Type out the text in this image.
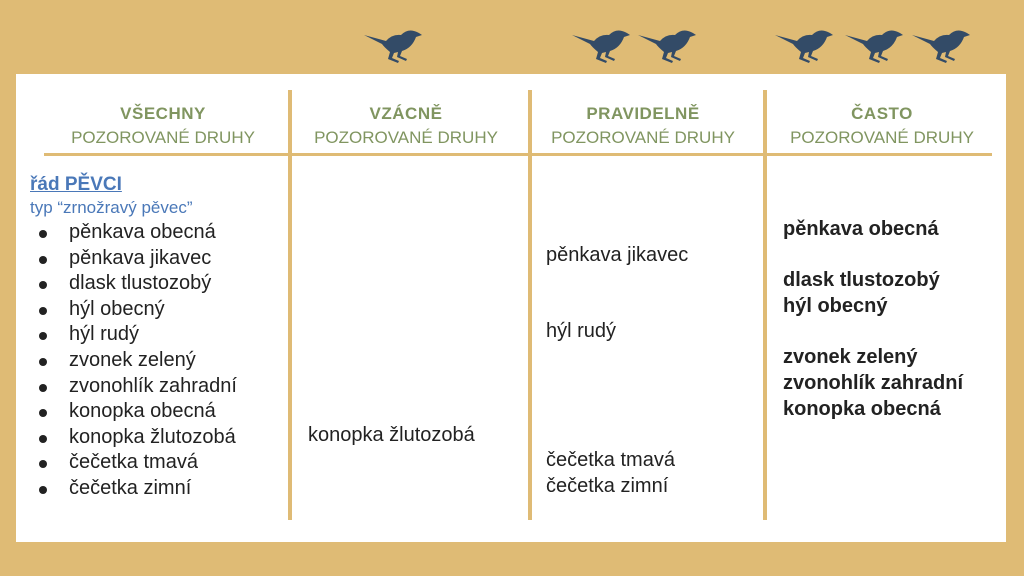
VŠECHNY
POZOROVANÉ DRUHY
VZÁCNĚ
POZOROVANÉ DRUHY
PRAVIDELNĚ
POZOROVANÉ DRUHY
ČASTO
POZOROVANÉ DRUHY
řád PĚVCI
typ “zrnožravý pěvec”
pěnkava obecná
pěnkava jikavec
dlask tlustozobý
hýl obecný
hýl rudý
zvonek zelený
zvonohlík zahradní
konopka obecná
konopka žlutozobá
čečetka tmavá
čečetka zimní
konopka žlutozobá
pěnkava jikavec
hýl rudý
čečetka tmavá
čečetka zimní
pěnkava obecná
dlask tlustozobý
hýl obecný
zvonek zelený
zvonohlík zahradní
konopka obecná
